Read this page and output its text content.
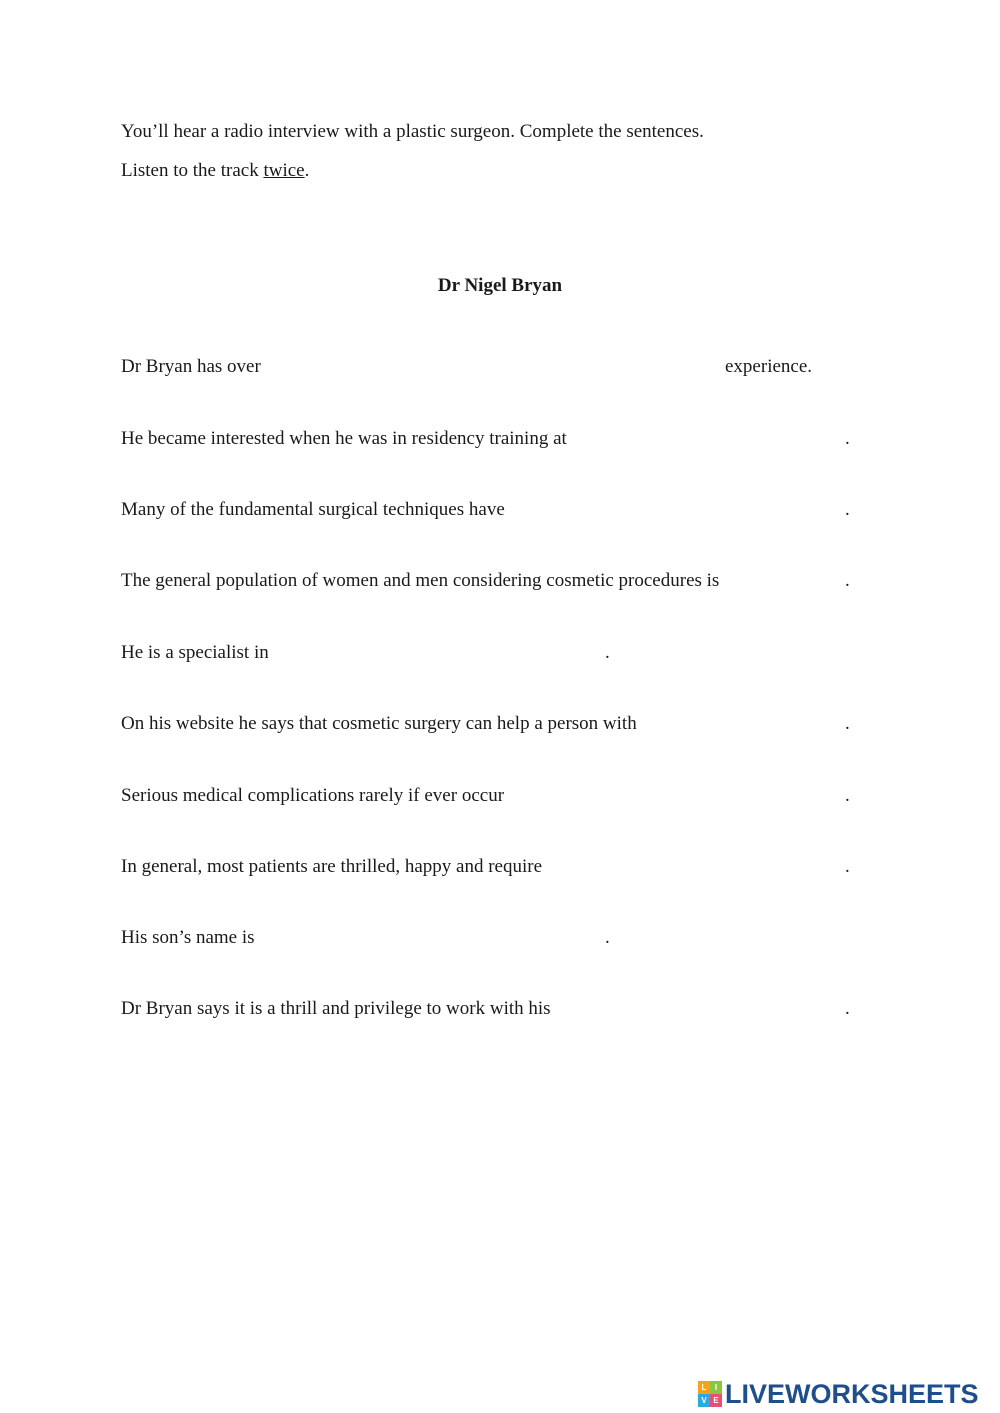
You’ll hear a radio interview with a plastic surgeon. Complete the sentences.
Listen to the track twice.
Dr Nigel Bryan
Dr Bryan has over	experience.
He became interested when he was in residency training at	.
Many of the fundamental surgical techniques have	.
The general population of women and men considering cosmetic procedures is	.
He is a specialist in	.
On his website he says that cosmetic surgery can help a person with	.
Serious medical complications rarely if ever occur	.
In general, most patients are thrilled, happy and require	.
His son’s name is	.
Dr Bryan says it is a thrill and privilege to work with his	.
L	I
V E LIVEWORKSHEETS
